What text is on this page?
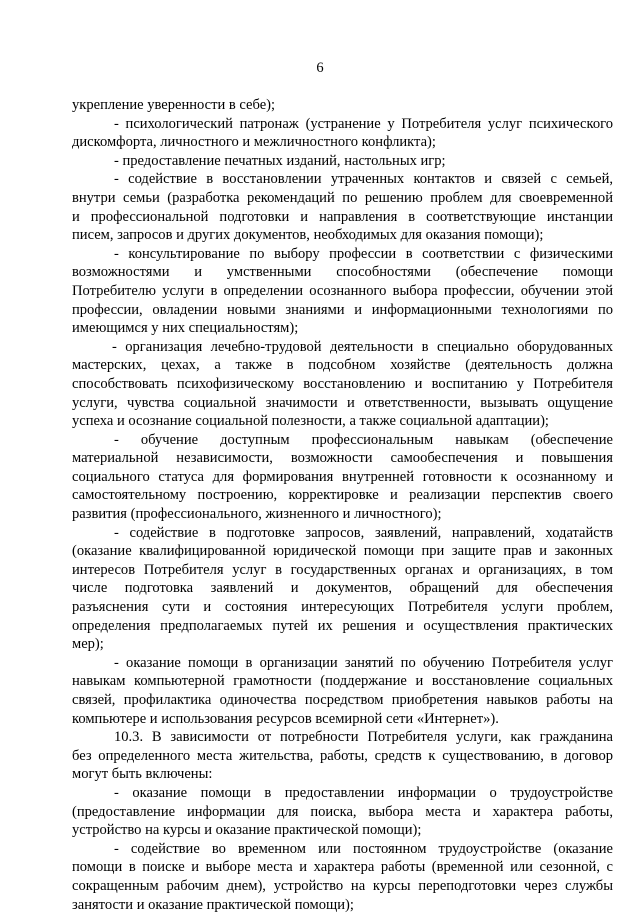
6
укрепление уверенности в себе);
- психологический патронаж (устранение у Потребителя услуг психического
дискомфорта, личностного и межличностного конфликта);
- предоставление печатных изданий, настольных игр;
- содействие в восстановлении утраченных контактов и связей с семьей,
внутри семьи (разработка рекомендаций по решению проблем для своевременной
и профессиональной подготовки и направления в соответствующие инстанции
писем, запросов и других документов, необходимых для оказания помощи);
- консультирование по выбору профессии в соответствии с физическими
возможностями и умственными способностями (обеспечение помощи
Потребителю услуги в определении осознанного выбора профессии, обучении этой
профессии, овладении новыми знаниями и информационными технологиями по
имеющимся у них специальностям);
- организация лечебно-трудовой деятельности в специально оборудованных
мастерских, цехах, а также в подсобном хозяйстве (деятельность должна
способствовать психофизическому восстановлению и воспитанию у Потребителя
услуги, чувства социальной значимости и ответственности, вызывать ощущение
успеха и осознание социальной полезности, а также социальной адаптации);
- обучение доступным профессиональным навыкам (обеспечение
материальной независимости, возможности самообеспечения и повышения
социального статуса для формирования внутренней готовности к осознанному и
самостоятельному построению, корректировке и реализации перспектив своего
развития (профессионального, жизненного и личностного);
- содействие в подготовке запросов, заявлений, направлений, ходатайств
(оказание квалифицированной юридической помощи при защите прав и законных
интересов Потребителя услуг в государственных органах и организациях, в том
числе подготовка заявлений и документов, обращений для обеспечения
разъяснения сути и состояния интересующих Потребителя услуги проблем,
определения предполагаемых путей их решения и осуществления практических
мер);
- оказание помощи в организации занятий по обучению Потребителя услуг
навыкам компьютерной грамотности (поддержание и восстановление социальных
связей, профилактика одиночества посредством приобретения навыков работы на
компьютере и использования ресурсов всемирной сети «Интернет»).
10.3. В зависимости от потребности Потребителя услуги, как гражданина
без определенного места жительства, работы, средств к существованию, в договор
могут быть включены:
- оказание помощи в предоставлении информации о трудоустройстве
(предоставление информации для поиска, выбора места и характера работы,
устройство на курсы и оказание практической помощи);
- содействие во временном или постоянном трудоустройстве (оказание
помощи в поиске и выборе места и характера работы (временной или сезонной, с
сокращенным рабочим днем), устройство на курсы переподготовки через службы
занятости и оказание практической помощи);
